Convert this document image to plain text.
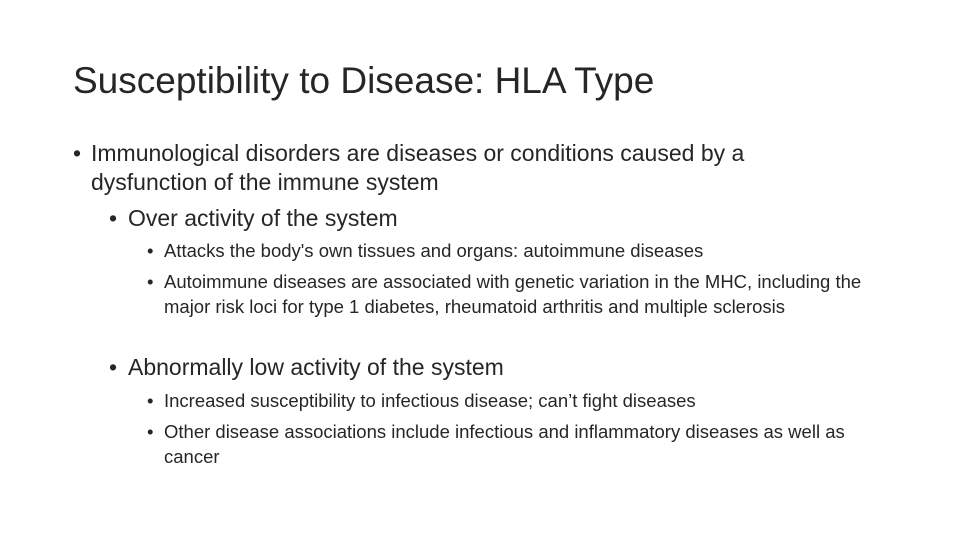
Susceptibility to Disease: HLA Type
• Immunological disorders are diseases or conditions caused by a dysfunction of the immune system
• Over activity of the system
• Attacks the body's own tissues and organs: autoimmune diseases
• Autoimmune diseases are associated with genetic variation in the MHC, including the major risk loci for type 1 diabetes, rheumatoid arthritis and multiple sclerosis
• Abnormally low activity of the system
• Increased susceptibility to infectious disease; can’t fight diseases
• Other disease associations include infectious and inflammatory diseases as well as cancer
